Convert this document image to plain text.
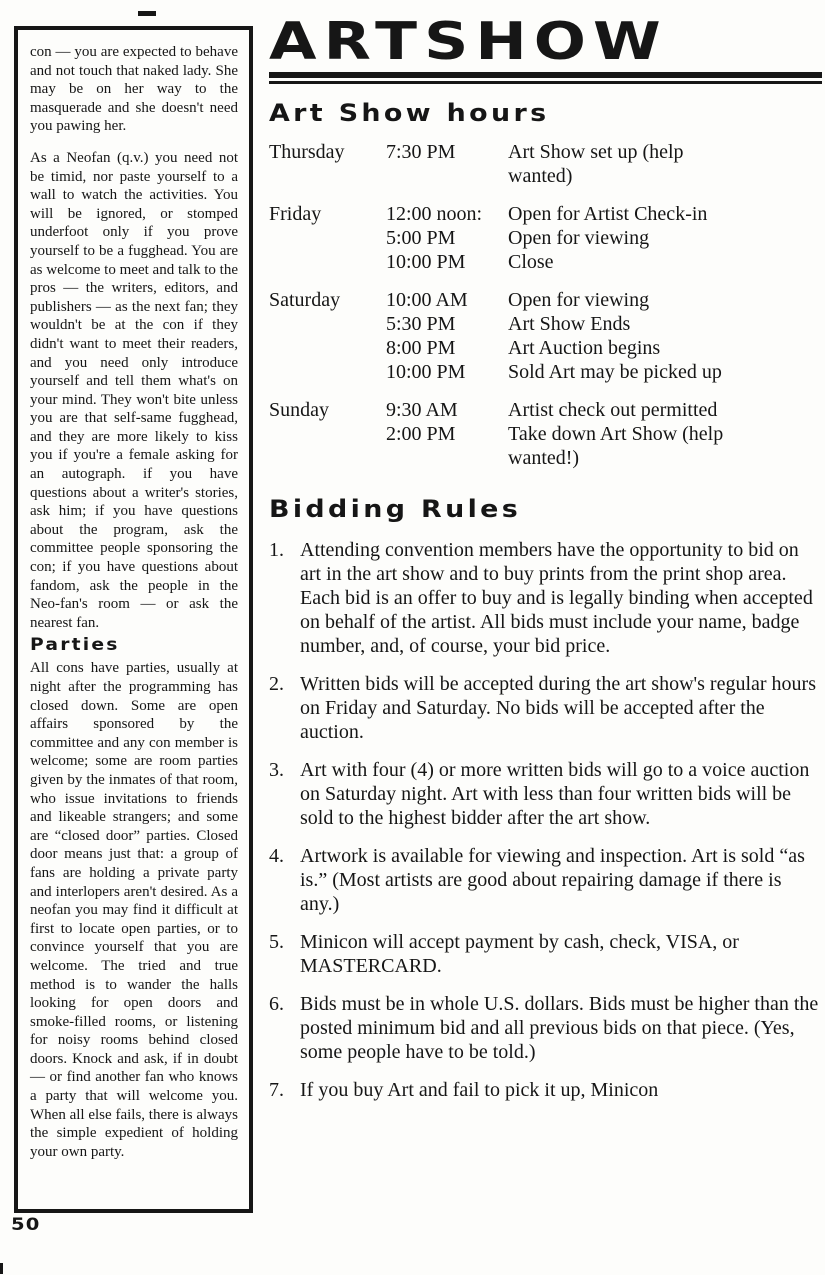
con — you are expected to behave and not touch that naked lady. She may be on her way to the masquerade and she doesn't need you pawing her.

As a Neofan (q.v.) you need not be timid, nor paste yourself to a wall to watch the activities. You will be ignored, or stomped underfoot only if you prove yourself to be a fugghead. You are as welcome to meet and talk to the pros — the writers, editors, and publishers — as the next fan; they wouldn't be at the con if they didn't want to meet their readers, and you need only introduce yourself and tell them what's on your mind. They won't bite unless you are that self-same fugghead, and they are more likely to kiss you if you're a female asking for an autograph. if you have questions about a writer's stories, ask him; if you have questions about the program, ask the committee people sponsoring the con; if you have questions about fandom, ask the people in the Neo-fan's room — or ask the nearest fan.

Parties

All cons have parties, usually at night after the programming has closed down. Some are open affairs sponsored by the committee and any con member is welcome; some are room parties given by the inmates of that room, who issue invitations to friends and likeable strangers; and some are “closed door” parties. Closed door means just that: a group of fans are holding a private party and interlopers aren't desired. As a neofan you may find it difficult at first to locate open parties, or to convince yourself that you are welcome. The tried and true method is to wander the halls looking for open doors and smoke-filled rooms, or listening for noisy rooms behind closed doors. Knock and ask, if in doubt — or find another fan who knows a party that will welcome you. When all else fails, there is always the simple expedient of holding your own party.

50
ARTSHOW
Art Show hours
Thursday	7:30 PM	Art Show set up (help wanted)
Friday	12:00 noon:	Open for Artist Check-in
5:00 PM	Open for viewing
10:00 PM	Close
Saturday	10:00 AM	Open for viewing
5:30 PM	Art Show Ends
8:00 PM	Art Auction begins
10:00 PM	Sold Art may be picked up
Sunday	9:30 AM	Artist check out permitted
2:00 PM	Take down Art Show (help wanted!)
Bidding Rules
1. Attending convention members have the opportunity to bid on art in the art show and to buy prints from the print shop area. Each bid is an offer to buy and is legally binding when accepted on behalf of the artist. All bids must include your name, badge number, and, of course, your bid price.
2. Written bids will be accepted during the art show's regular hours on Friday and Saturday. No bids will be accepted after the auction.
3. Art with four (4) or more written bids will go to a voice auction on Saturday night. Art with less than four written bids will be sold to the highest bidder after the art show.
4. Artwork is available for viewing and inspection. Art is sold “as is.” (Most artists are good about repairing damage if there is any.)
5. Minicon will accept payment by cash, check, VISA, or MASTERCARD.
6. Bids must be in whole U.S. dollars. Bids must be higher than the posted minimum bid and all previous bids on that piece. (Yes, some people have to be told.)
7. If you buy Art and fail to pick it up, Minicon
